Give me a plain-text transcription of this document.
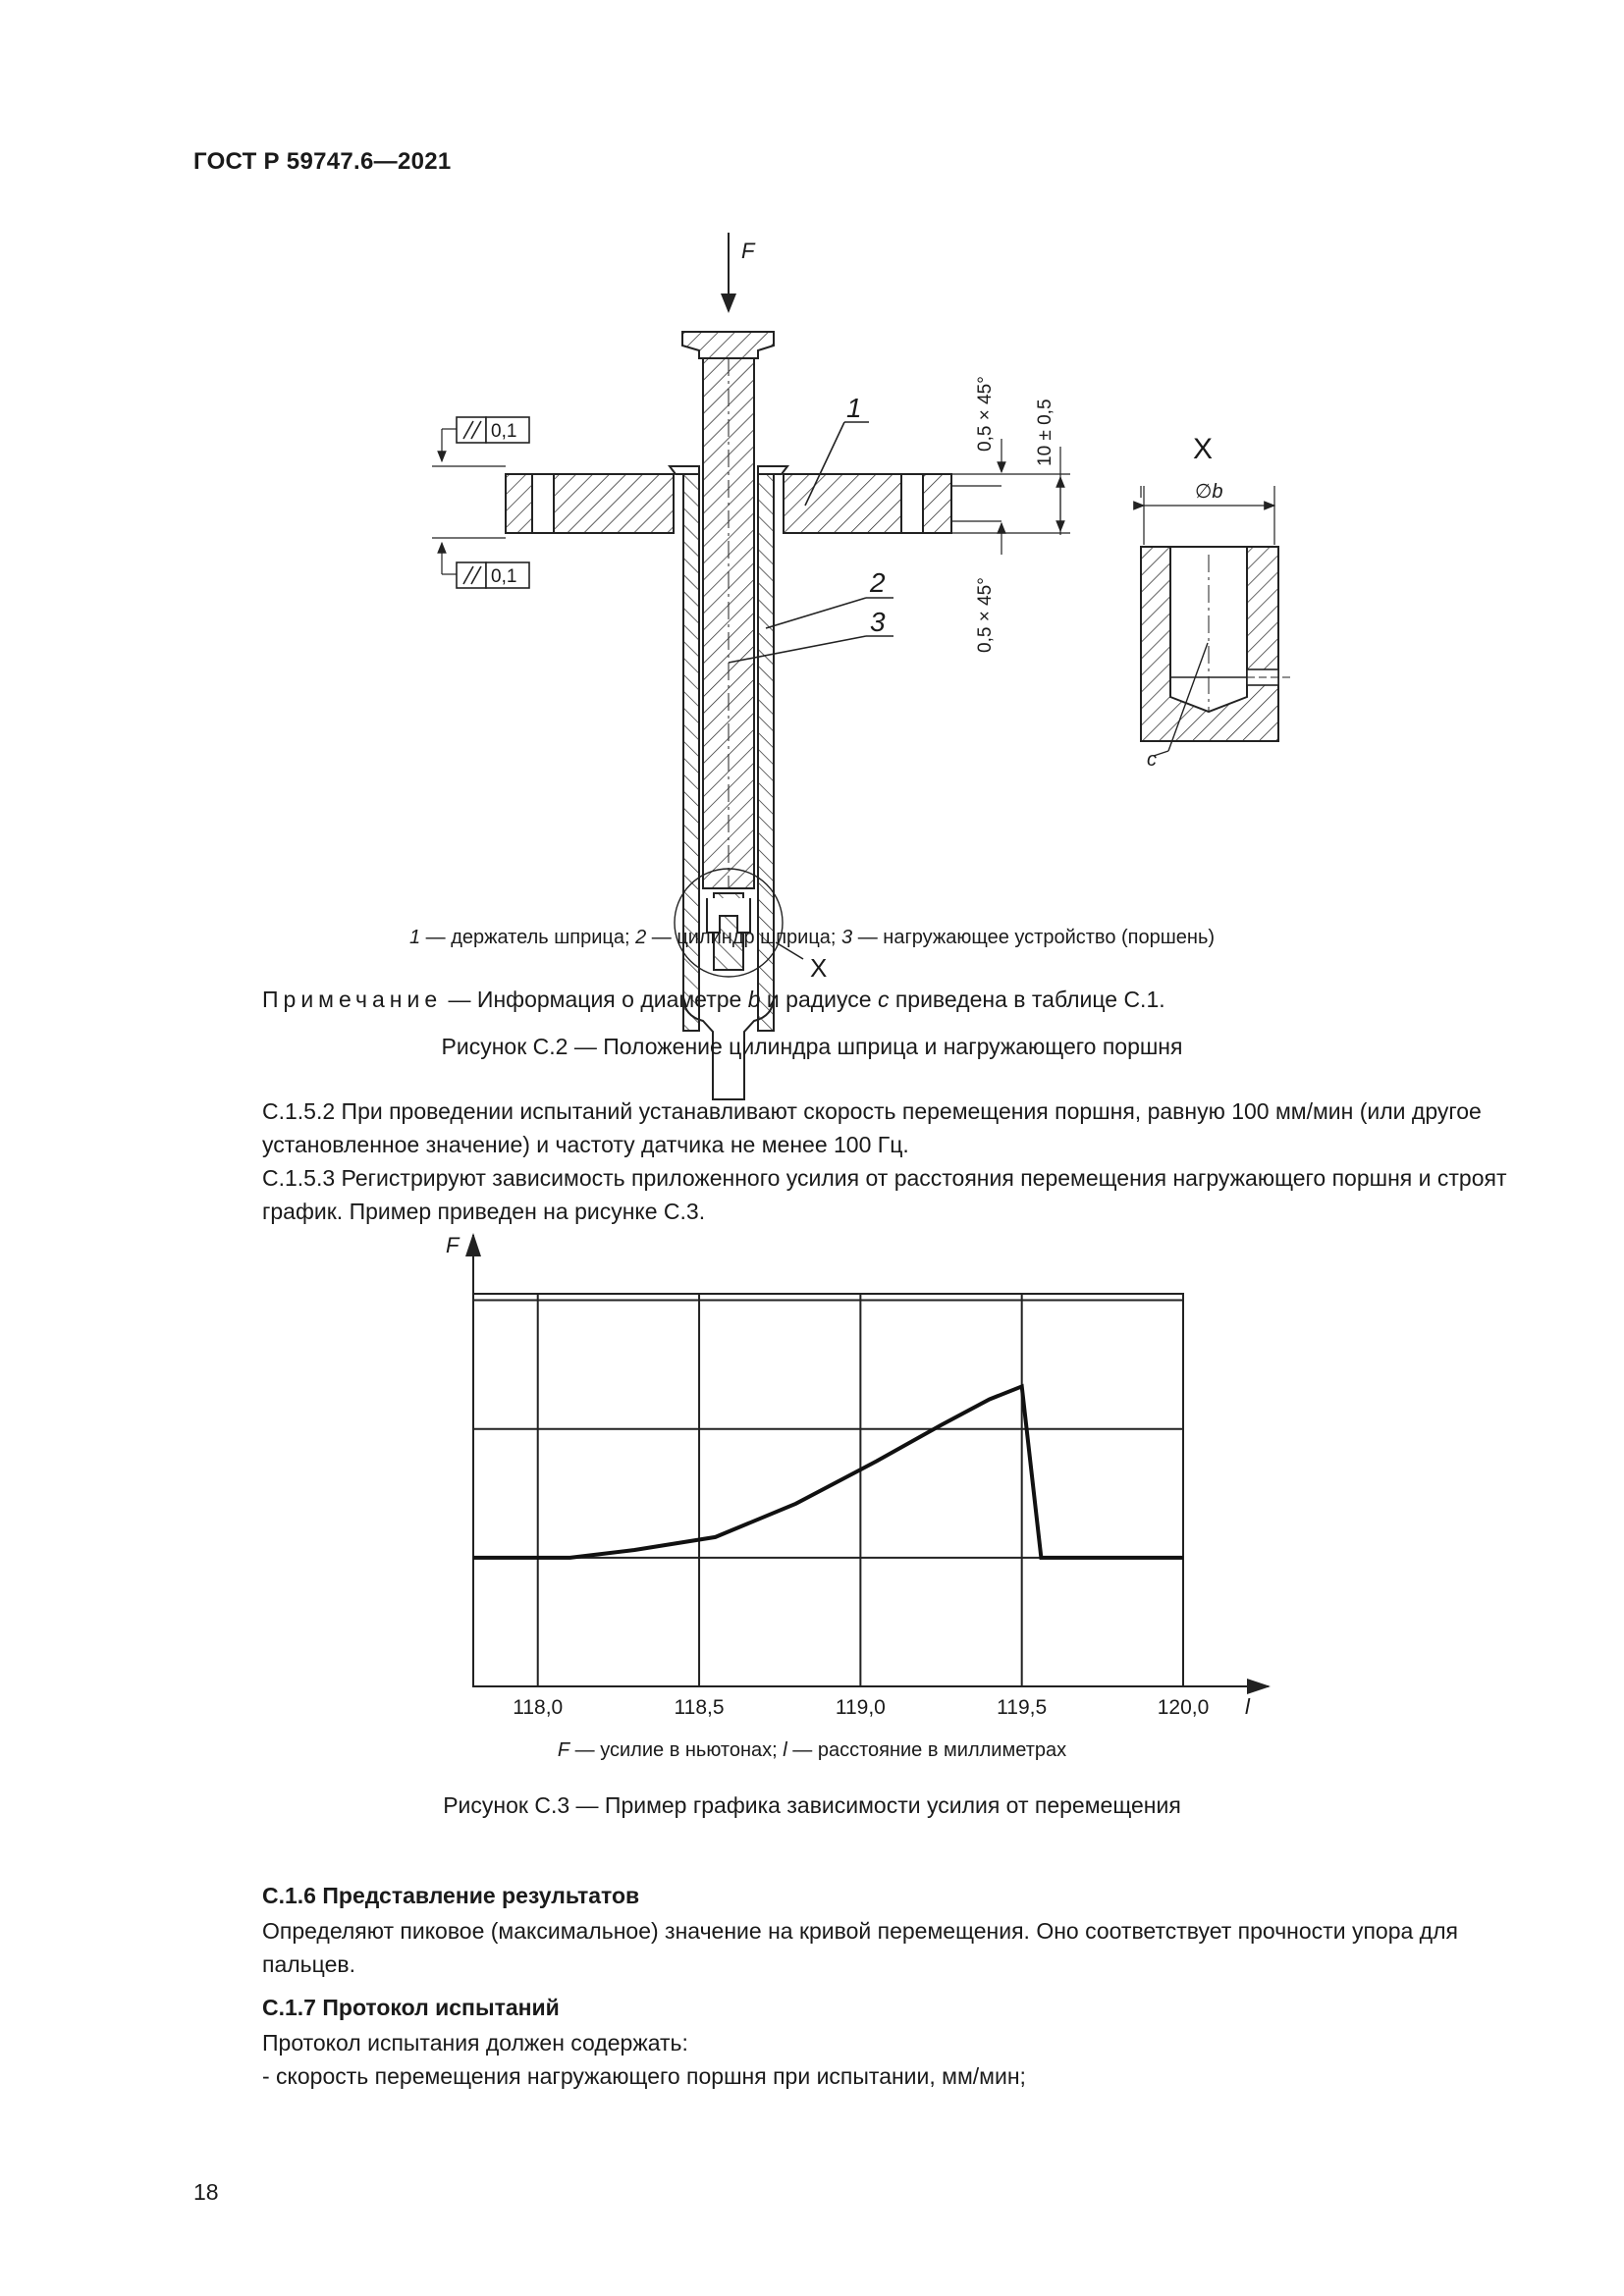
ГОСТ Р 59747.6—2021
F
X
1
2
3
0,1
0,1
0,5 × 45°
0,5 × 45°
10 ± 0,5	X
∅b
c
1 — держатель шприца; 2 — цилиндр шприца; 3 — нагружающее устройство (поршень)
Примечание — Информация о диаметре b и радиусе c приведена в таблице С.1.
Рисунок С.2 — Положение цилиндра шприца и нагружающего поршня
С.1.5.2 При проведении испытаний устанавливают скорость перемещения поршня, равную 100 мм/мин (или другое установленное значение) и частоту датчика не менее 100 Гц.
С.1.5.3 Регистрируют зависимость приложенного усилия от расстояния перемещения нагружающего поршня и строят график. Пример приведен на рисунке С.3.
F
l
118,0	118,5	119,0	119,5	120,0
F — усилие в ньютонах; l — расстояние в миллиметрах
Рисунок С.3 — Пример графика зависимости усилия от перемещения
С.1.6 Представление результатов
Определяют пиковое (максимальное) значение на кривой перемещения. Оно соответствует прочности упора для пальцев.
С.1.7 Протокол испытаний
Протокол испытания должен содержать:
- скорость перемещения нагружающего поршня при испытании, мм/мин;
18
